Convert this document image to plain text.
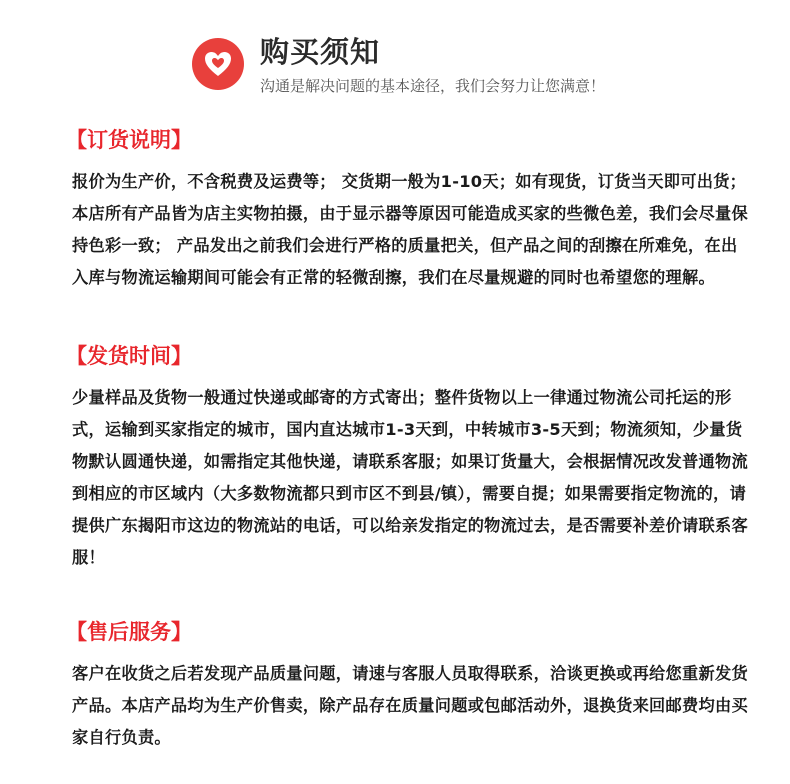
购买须知
沟通是解决问题的基本途径，我们会努力让您满意！
【订货说明】

报价为生产价，不含税费及运费等； 交货期一般为1-10天；如有现货，订货当天即可出货； 本店所有产品皆为店主实物拍摄，由于显示器等原因可能造成买家的些微色差，我们会尽量保持色彩一致； 产品发出之前我们会进行严格的质量把关，但产品之间的刮擦在所难免，在出入库与物流运输期间可能会有正常的轻微刮擦，我们在尽量规避的同时也希望您的理解。

【发货时间】

少量样品及货物一般通过快递或邮寄的方式寄出；整件货物以上一律通过物流公司托运的形式，运输到买家指定的城市，国内直达城市1-3天到，中转城市3-5天到；物流须知，少量货物默认圆通快递，如需指定其他快递，请联系客服；如果订货量大，会根据情况改发普通物流到相应的市区域内（大多数物流都只到市区不到县/镇），需要自提；如果需要指定物流的，请提供广东揭阳市这边的物流站的电话，可以给亲发指定的物流过去，是否需要补差价请联系客服！

【售后服务】

客户在收货之后若发现产品质量问题，请速与客服人员取得联系，洽谈更换或再给您重新发货产品。本店产品均为生产价售卖，除产品存在质量问题或包邮活动外，退换货来回邮费均由买家自行负责。
